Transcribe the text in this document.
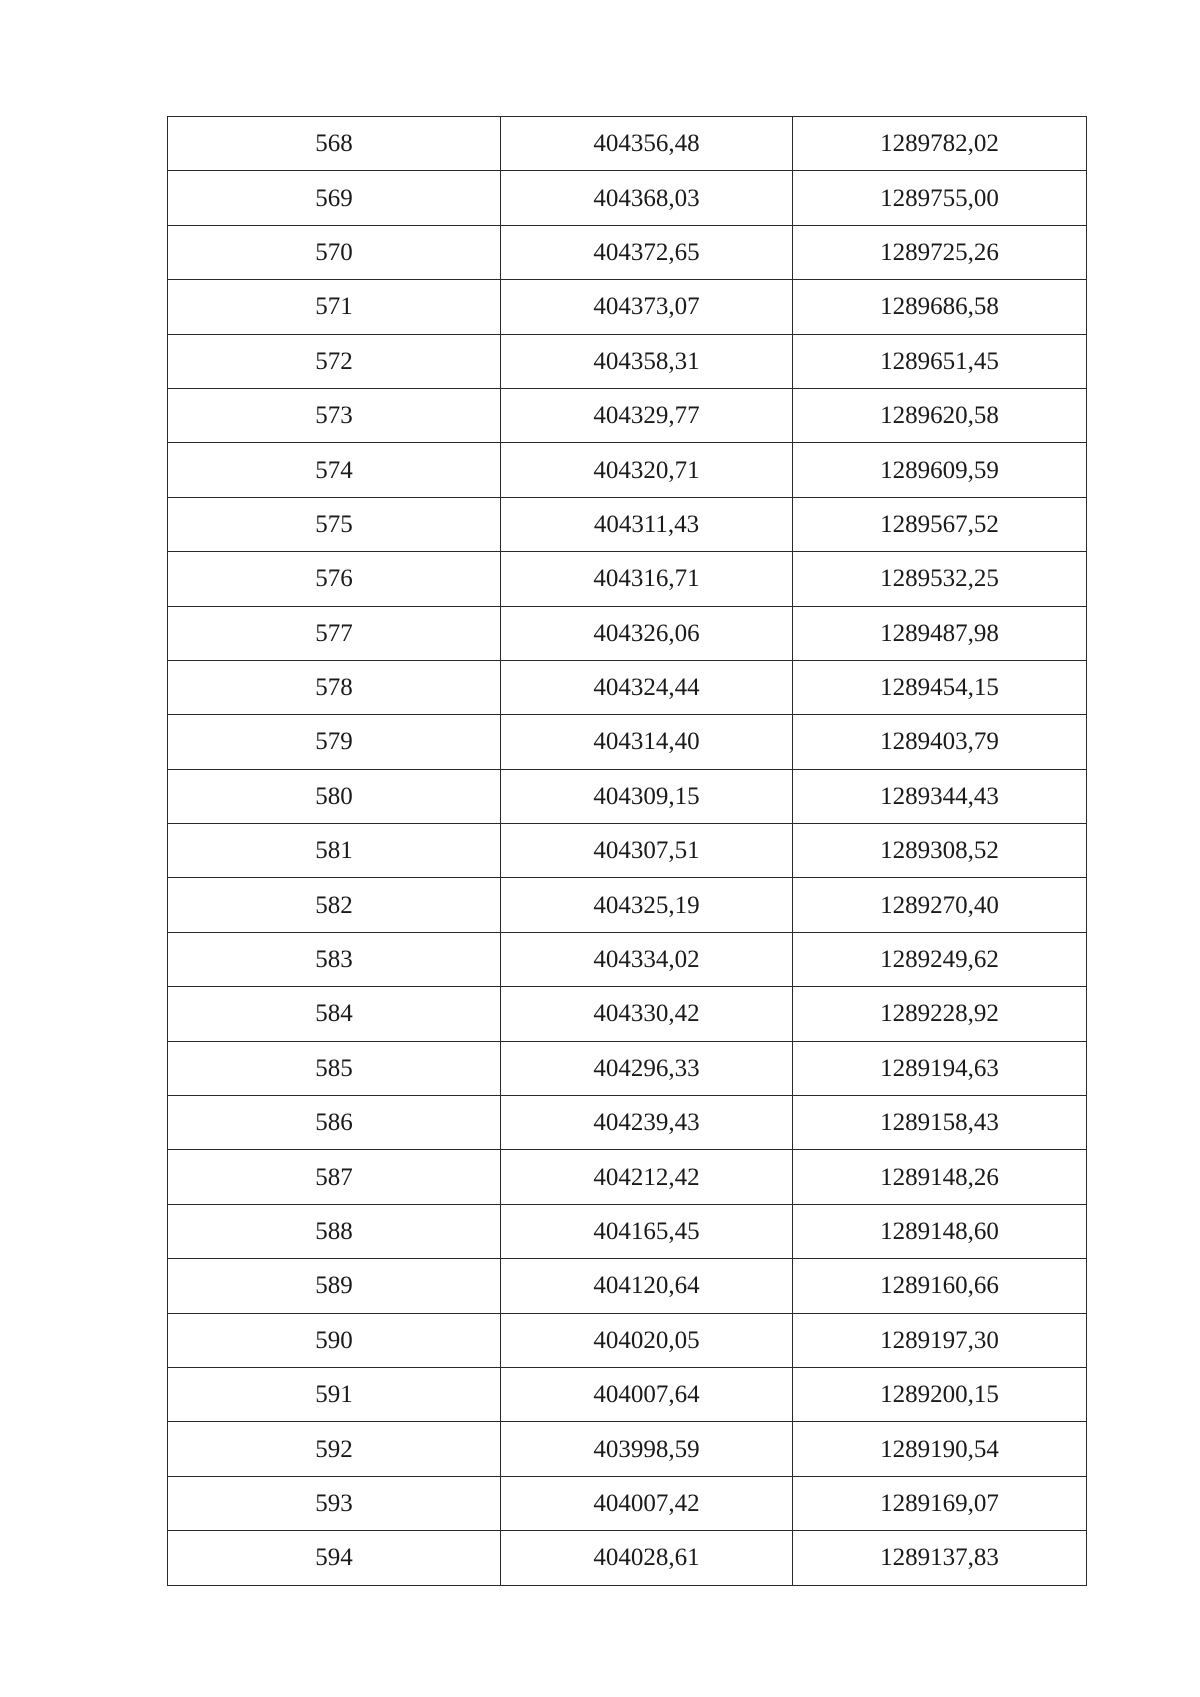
568	404356,48	1289782,02
569	404368,03	1289755,00
570	404372,65	1289725,26
571	404373,07	1289686,58
572	404358,31	1289651,45
573	404329,77	1289620,58
574	404320,71	1289609,59
575	404311,43	1289567,52
576	404316,71	1289532,25
577	404326,06	1289487,98
578	404324,44	1289454,15
579	404314,40	1289403,79
580	404309,15	1289344,43
581	404307,51	1289308,52
582	404325,19	1289270,40
583	404334,02	1289249,62
584	404330,42	1289228,92
585	404296,33	1289194,63
586	404239,43	1289158,43
587	404212,42	1289148,26
588	404165,45	1289148,60
589	404120,64	1289160,66
590	404020,05	1289197,30
591	404007,64	1289200,15
592	403998,59	1289190,54
593	404007,42	1289169,07
594	404028,61	1289137,83
